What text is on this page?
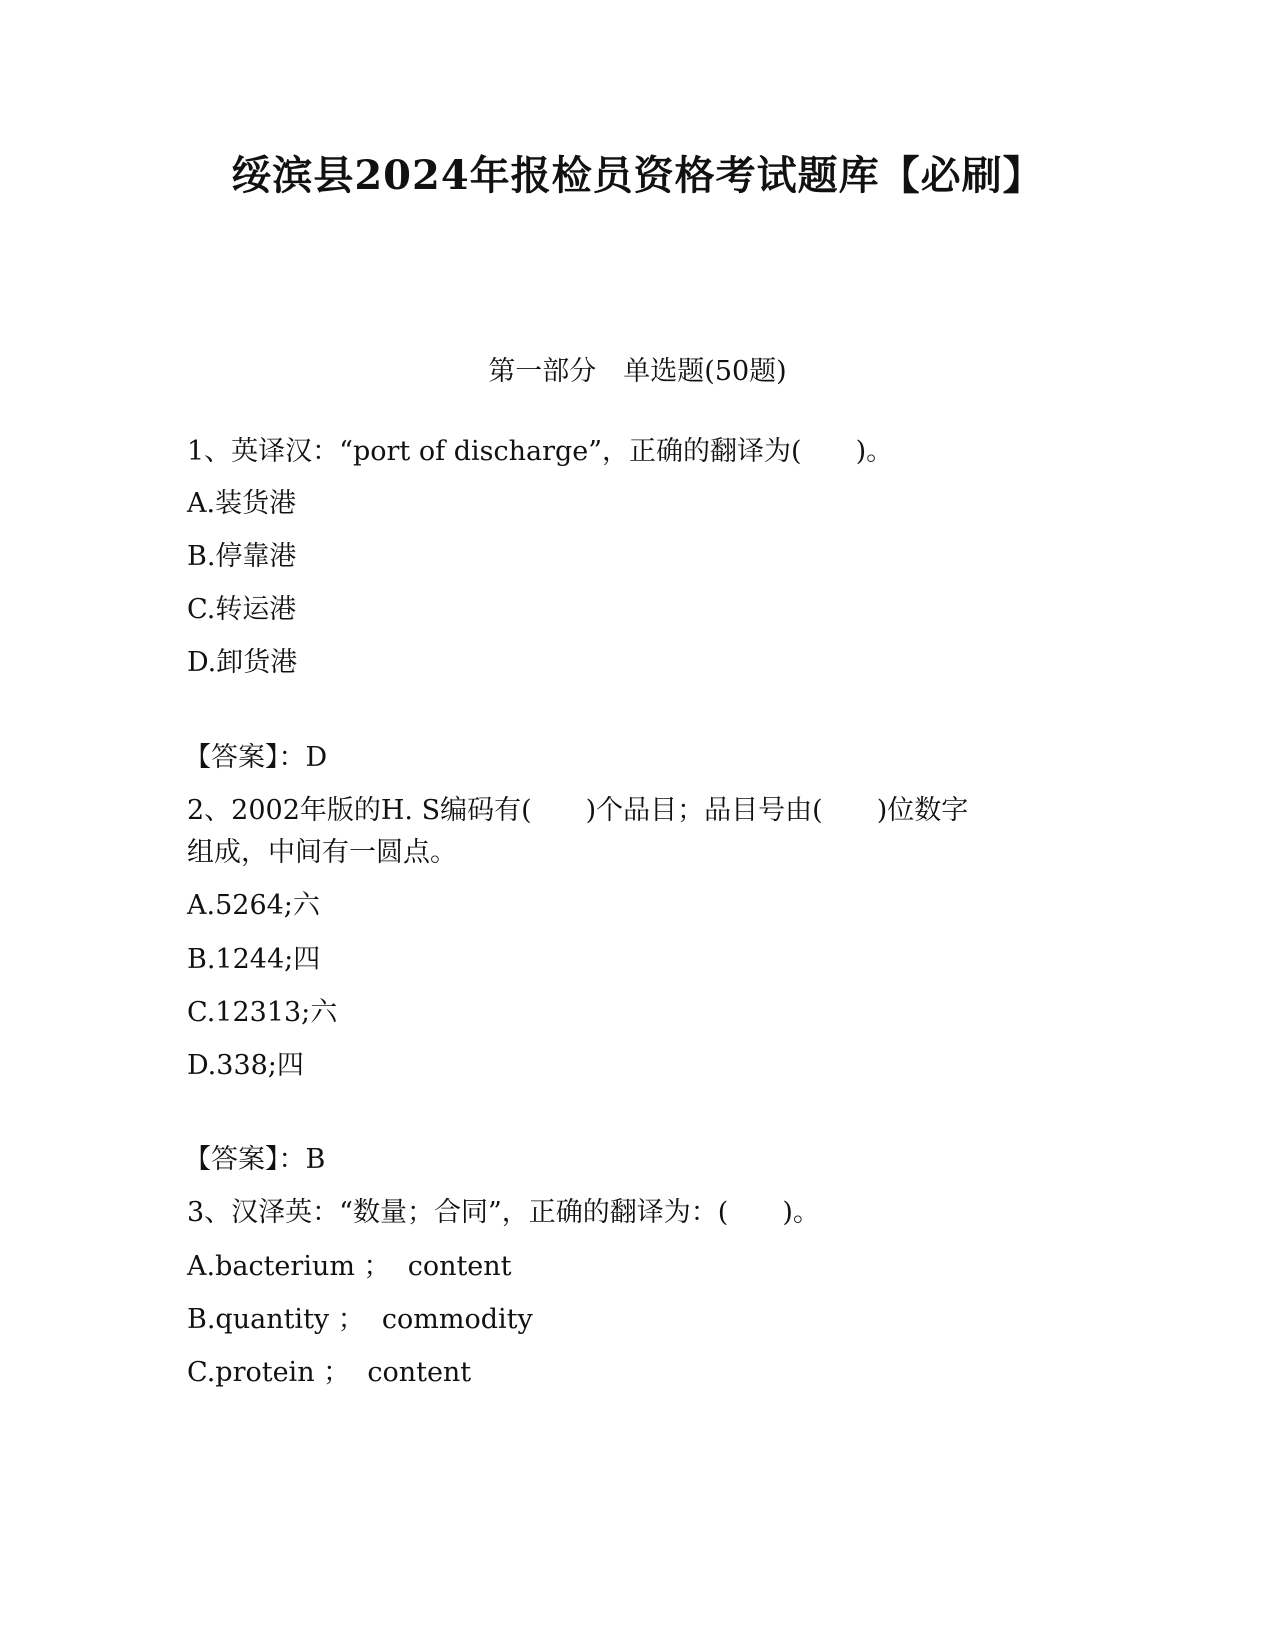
绥滨县2024年报检员资格考试题库【必刷】
第一部分　单选题(50题)
1、英译汉：“port of discharge”，正确的翻译为(　　)。
A.装货港
B.停靠港
C.转运港
D.卸货港
【答案】：D
2、2002年版的H. S编码有(　　)个品目；品目号由(　　)位数字
组成，中间有一圆点。
A.5264;六
B.1244;四
C.12313;六
D.338;四
【答案】：B
3、汉泽英：“数量；合同”，正确的翻译为：(　　)。
A.bacterium ；  content
B.quantity ；  commodity
C.protein ；  content
